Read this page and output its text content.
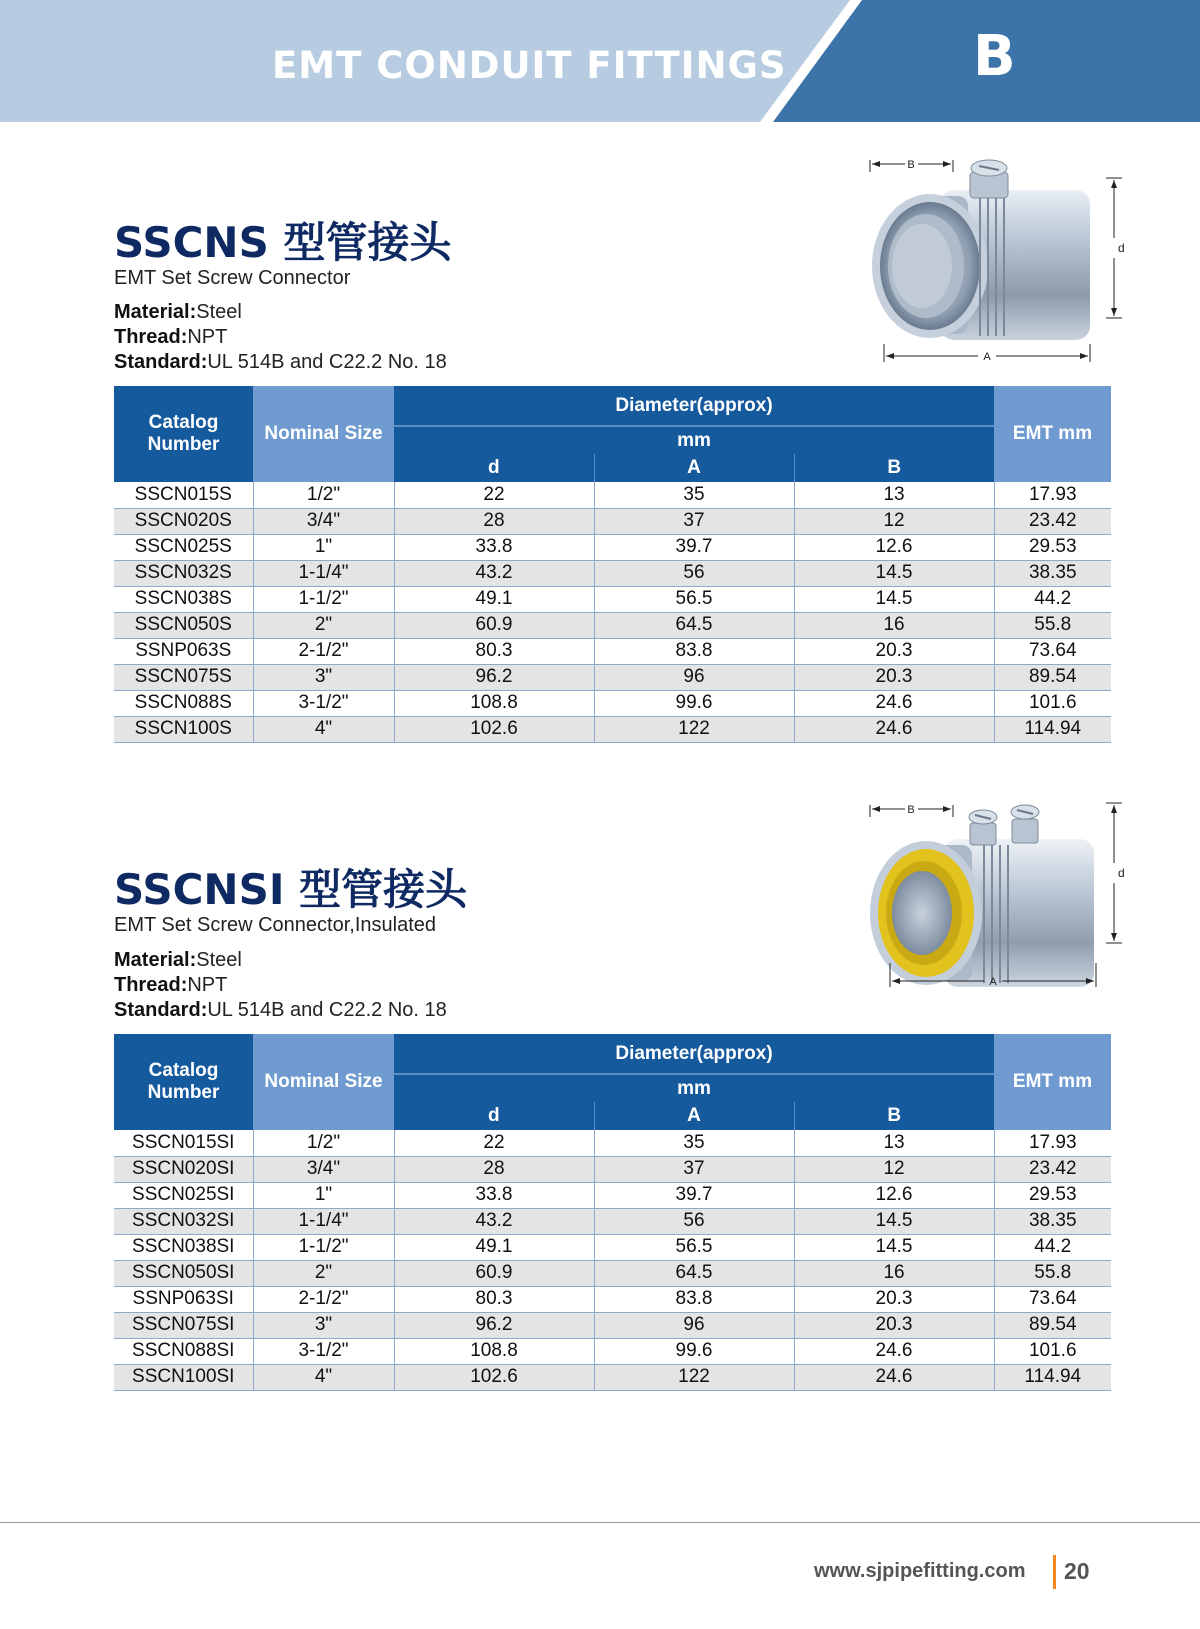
EMT CONDUIT FITTINGS	B
SSCNS 型管接头
EMT Set Screw Connector
Material:Steel
Thread:NPT
Standard:UL 514B and C22.2 No. 18
B
d
A
Catalog Number	Nominal Size	Diameter(approx)			EMT mm
		mm			
		d	A	B	
SSCN015S	1/2"	22	35	13	17.93
SSCN020S	3/4"	28	37	12	23.42
SSCN025S	1"	33.8	39.7	12.6	29.53
SSCN032S	1-1/4"	43.2	56	14.5	38.35
SSCN038S	1-1/2"	49.1	56.5	14.5	44.2
SSCN050S	2"	60.9	64.5	16	55.8
SSNP063S	2-1/2"	80.3	83.8	20.3	73.64
SSCN075S	3"	96.2	96	20.3	89.54
SSCN088S	3-1/2"	108.8	99.6	24.6	101.6
SSCN100S	4"	102.6	122	24.6	114.94
SSCNSI 型管接头
EMT Set Screw Connector,Insulated
Material:Steel
Thread:NPT
Standard:UL 514B and C22.2 No. 18
B
d
A
Catalog Number	Nominal Size	Diameter(approx)			EMT mm
		mm			
		d	A	B	
SSCN015SI	1/2"	22	35	13	17.93
SSCN020SI	3/4"	28	37	12	23.42
SSCN025SI	1"	33.8	39.7	12.6	29.53
SSCN032SI	1-1/4"	43.2	56	14.5	38.35
SSCN038SI	1-1/2"	49.1	56.5	14.5	44.2
SSCN050SI	2"	60.9	64.5	16	55.8
SSNP063SI	2-1/2"	80.3	83.8	20.3	73.64
SSCN075SI	3"	96.2	96	20.3	89.54
SSCN088SI	3-1/2"	108.8	99.6	24.6	101.6
SSCN100SI	4"	102.6	122	24.6	114.94
www.sjpipefitting.com 20
